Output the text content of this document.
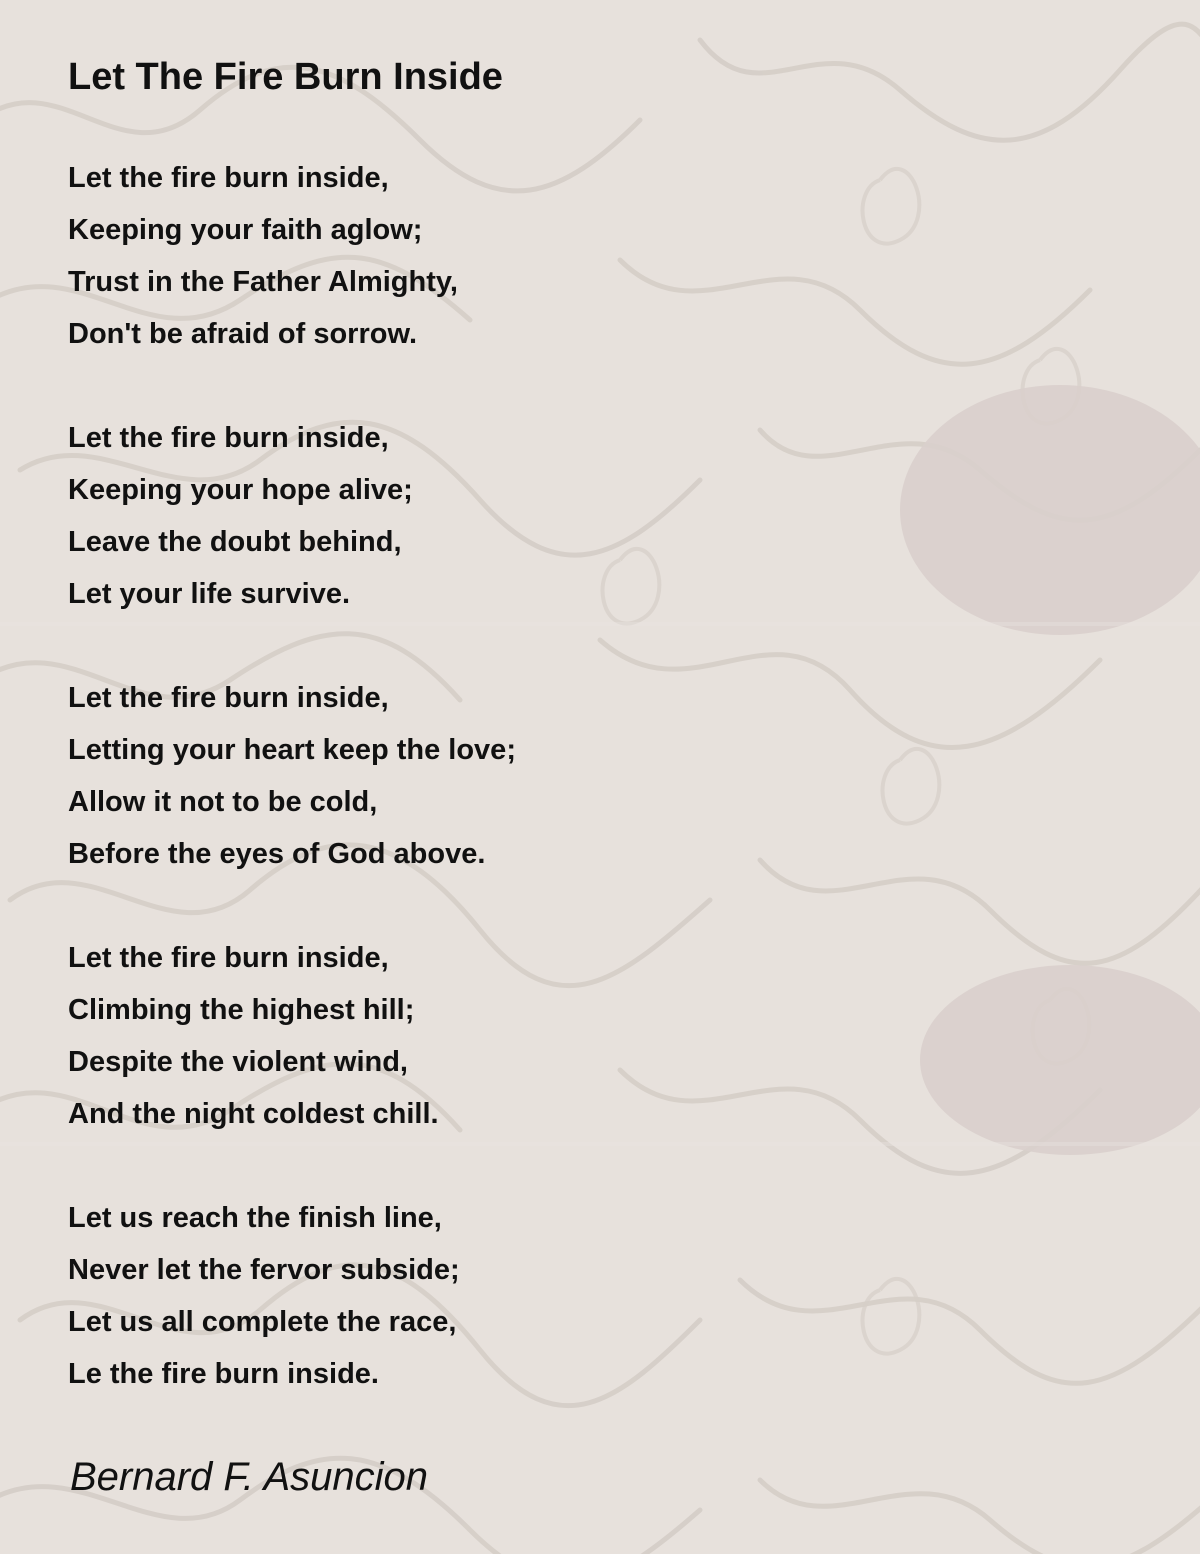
Let The Fire Burn Inside
Let the fire burn inside,
Keeping your faith aglow;
Trust in the Father Almighty,
Don't be afraid of sorrow.
Let the fire burn inside,
Keeping your hope alive;
Leave the doubt behind,
Let your life survive.
Let the fire burn inside,
Letting your heart keep the love;
Allow it not to be cold,
Before the eyes of God above.
Let the fire burn inside,
Climbing the highest hill;
Despite the violent wind,
And the night coldest chill.
Let us reach the finish line,
Never let the fervor subside;
Let us all complete the race,
Le the fire burn inside.
Bernard F. Asuncion
